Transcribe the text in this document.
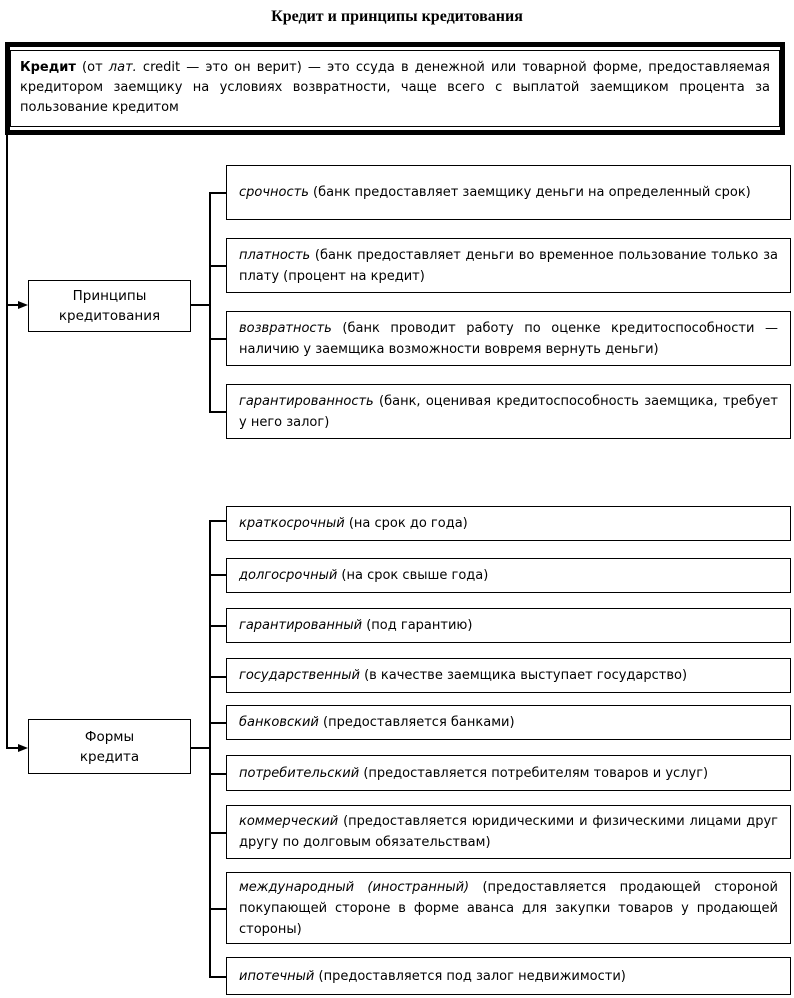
Кредит и принципы кредитования
Кредит (от лат. credit — это он верит) — это ссуда в денежной или товарной форме, предоставляемая кредитором заемщику на условиях возвратности, чаще всего с выплатой заемщиком процента за пользование кредитом
Принципы
кредитования
срочность (банк предоставляет заемщику деньги на определенный срок)
платность (банк предоставляет деньги во временное пользование только за плату (процент на кредит)
возвратность (банк проводит работу по оценке кредитоспособности — наличию у заемщика возможности вовремя вернуть деньги)
гарантированность (банк, оценивая кредитоспособность заемщика, требует у него залог)
Формы
кредита
краткосрочный (на срок до года)
долгосрочный (на срок свыше года)
гарантированный (под гарантию)
государственный (в качестве заемщика выступает государство)
банковский (предоставляется банками)
потребительский (предоставляется потребителям товаров и услуг)
коммерческий (предоставляется юридическими и физическими лицами друг другу по долговым обязательствам)
международный (иностранный) (предоставляется продающей стороной покупающей стороне в форме аванса для закупки товаров у продающей стороны)
ипотечный (предоставляется под залог недвижимости)
